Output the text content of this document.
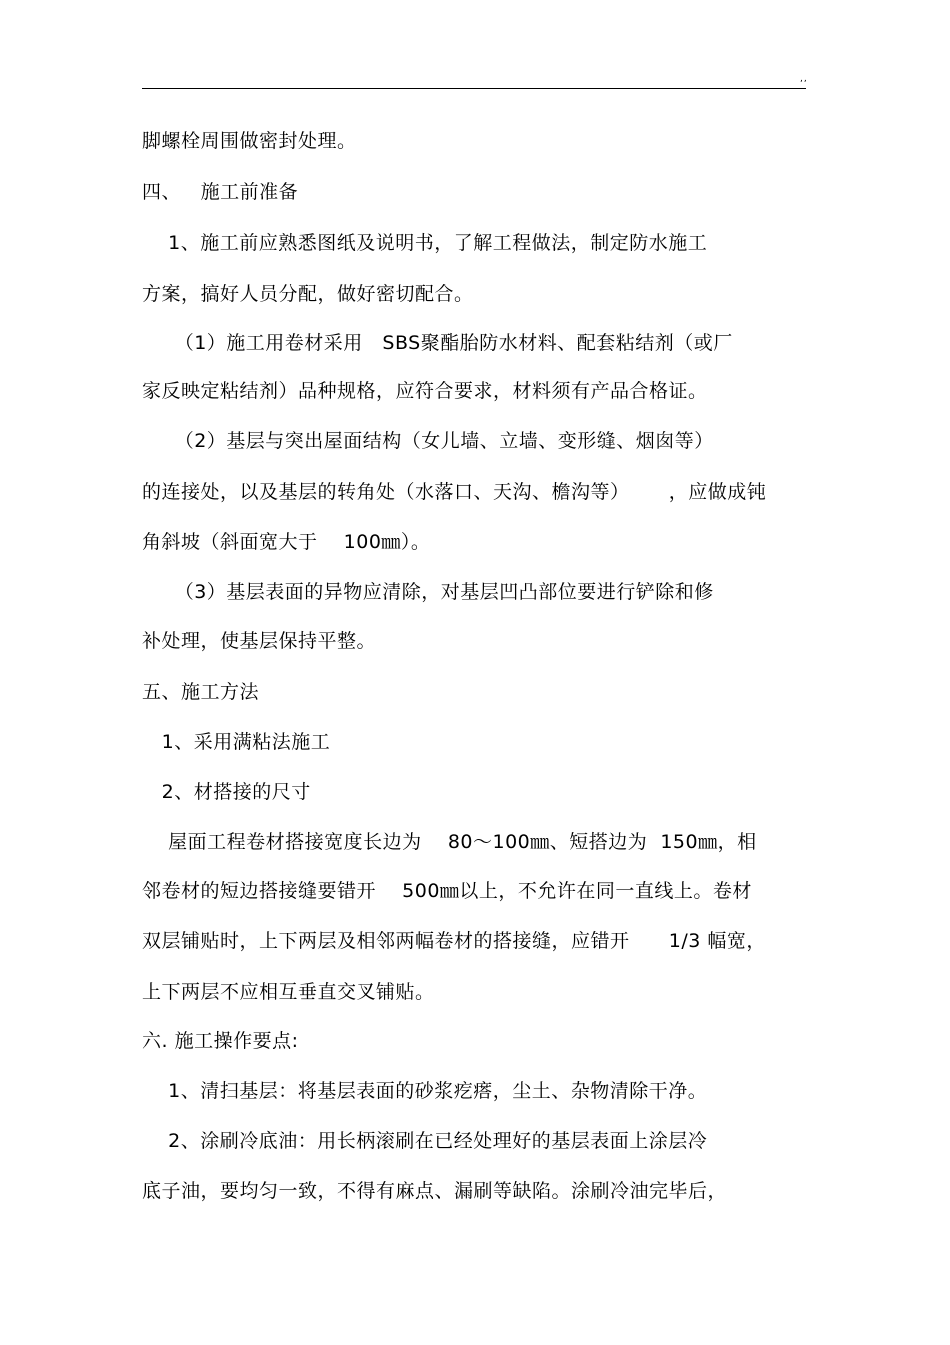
,,
脚螺栓周围做密封处理。
四、   施工前准备
1、施工前应熟悉图纸及说明书，了解工程做法，制定防水施工
方案，搞好人员分配，做好密切配合。
（1）施工用卷材采用   SBS聚酯胎防水材料、配套粘结剂（或厂
家反映定粘结剂）品种规格，应符合要求，材料须有产品合格证。
（2）基层与突出屋面结构（女儿墙、立墙、变形缝、烟囱等）
的连接处，以及基层的转角处（水落口、天沟、檐沟等）      ，应做成钝
角斜坡（斜面宽大于    100㎜）。
（3）基层表面的异物应清除，对基层凹凸部位要进行铲除和修
补处理，使基层保持平整。
五、施工方法
1、采用满粘法施工
2、材搭接的尺寸
屋面工程卷材搭接宽度长边为    80～100㎜、短搭边为  150㎜，相
邻卷材的短边搭接缝要错开    500㎜以上，不允许在同一直线上。卷材
双层铺贴时，上下两层及相邻两幅卷材的搭接缝，应错开      1/3 幅宽，
上下两层不应相互垂直交叉铺贴。
六. 施工操作要点:
1、清扫基层：将基层表面的砂浆疙瘩，尘土、杂物清除干净。
2、涂刷冷底油：用长柄滚刷在已经处理好的基层表面上涂层冷
底子油，要均匀一致，不得有麻点、漏刷等缺陷。涂刷冷油完毕后，
